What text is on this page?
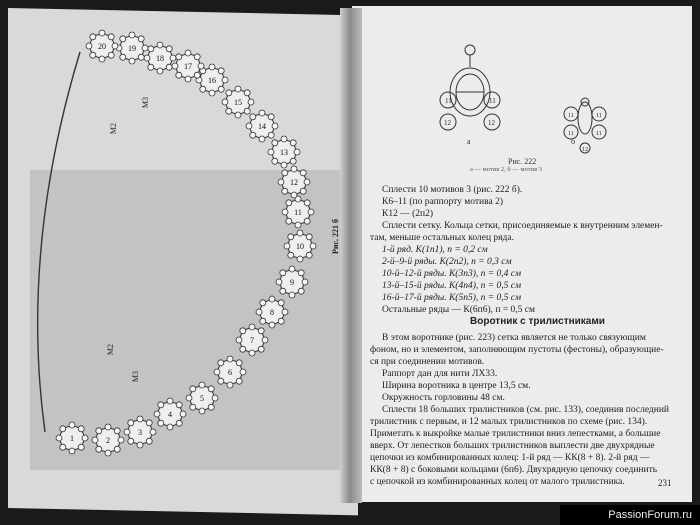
1	2
3
4
5
6
7
8
9
10
11
12
13
14
15
16
17
18
19
20
М2
М3
М2
М3
Рис. 221 б
11	11
12	12
11	11
11	11
12
а	б
Рис. 222
а — мотив 2, б — мотив 3
Сплести 10 мотивов 3 (рис. 222 б).
К6–11 (по раппорту мотива 2)
К12 — (2п2)
Сплести сетку. Кольца сетки, присоединяемые к внутренним элемен-
там, меньше остальных колец ряда.
1-й ряд. К(1п1), п = 0,2 см
2-й–9-й ряды. К(2п2), п = 0,3 см
10-й–12-й ряды. К(3п3), п = 0,4 см
13-й–15-й ряды. К(4п4), п = 0,5 см
16-й–17-й ряды. К(5п5), п = 0,5 см
Остальные ряды — К(6п6), п = 0,5 см
Воротник с трилистниками
В этом воротнике (рис. 223) сетка является не только связующим
фоном, но и элементом, заполняющим пустоты (фестоны), образующие-
ся при соединении мотивов.
Раппорт дан для нити ЛХ33.
Ширина воротника в центре 13,5 см.
Окружность горловины 48 см.
Сплести 18 больших трилистников (см. рис. 133), соединив последний
трилистник с первым, и 12 малых трилистников по схеме (рис. 134).
Приметать к выкройке малые трилистники вниз лепестками, а большие
вверх. От лепестков больших трилистников выплести две двухрядные
цепочки из комбинированных колец: 1-й ряд — КК(8 + 8). 2-й ряд —
КК(8 + 8) с боковыми кольцами (6п6). Двухрядную цепочку соединить
с цепочкой из комбинированных колец от малого трилистника.	231
PassionForum.ru
